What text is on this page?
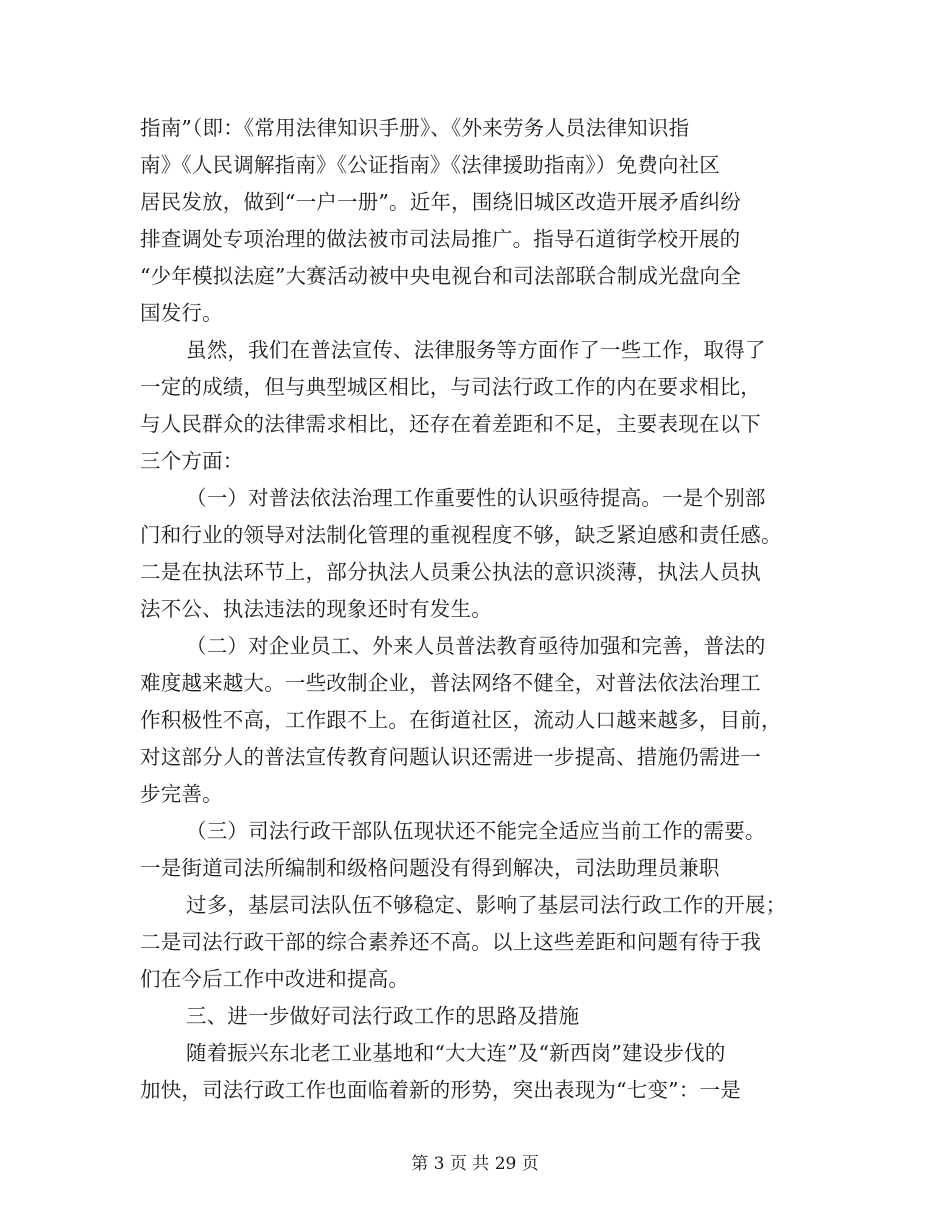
指南”（即：《常用法律知识手册》、《外来劳务人员法律知识指
南》《人民调解指南》《公证指南》《法律援助指南》）免费向社区
居民发放，做到“一户一册”。近年，围绕旧城区改造开展矛盾纠纷
排查调处专项治理的做法被市司法局推广。指导石道街学校开展的
“少年模拟法庭”大赛活动被中央电视台和司法部联合制成光盘向全
国发行。
虽然，我们在普法宣传、法律服务等方面作了一些工作，取得了
一定的成绩，但与典型城区相比，与司法行政工作的内在要求相比，
与人民群众的法律需求相比，还存在着差距和不足，主要表现在以下
三个方面：
（一）对普法依法治理工作重要性的认识亟待提高。一是个别部
门和行业的领导对法制化管理的重视程度不够，缺乏紧迫感和责任感。
二是在执法环节上，部分执法人员秉公执法的意识淡薄，执法人员执
法不公、执法违法的现象还时有发生。
（二）对企业员工、外来人员普法教育亟待加强和完善，普法的
难度越来越大。一些改制企业，普法网络不健全，对普法依法治理工
作积极性不高，工作跟不上。在街道社区，流动人口越来越多，目前，
对这部分人的普法宣传教育问题认识还需进一步提高、措施仍需进一
步完善。
（三）司法行政干部队伍现状还不能完全适应当前工作的需要。
一是街道司法所编制和级格问题没有得到解决，司法助理员兼职
过多，基层司法队伍不够稳定、影响了基层司法行政工作的开展；
二是司法行政干部的综合素养还不高。以上这些差距和问题有待于我
们在今后工作中改进和提高。
三、进一步做好司法行政工作的思路及措施
随着振兴东北老工业基地和“大大连”及“新西岗”建设步伐的
加快，司法行政工作也面临着新的形势，突出表现为“七变”：一是
第 3 页 共 29 页
